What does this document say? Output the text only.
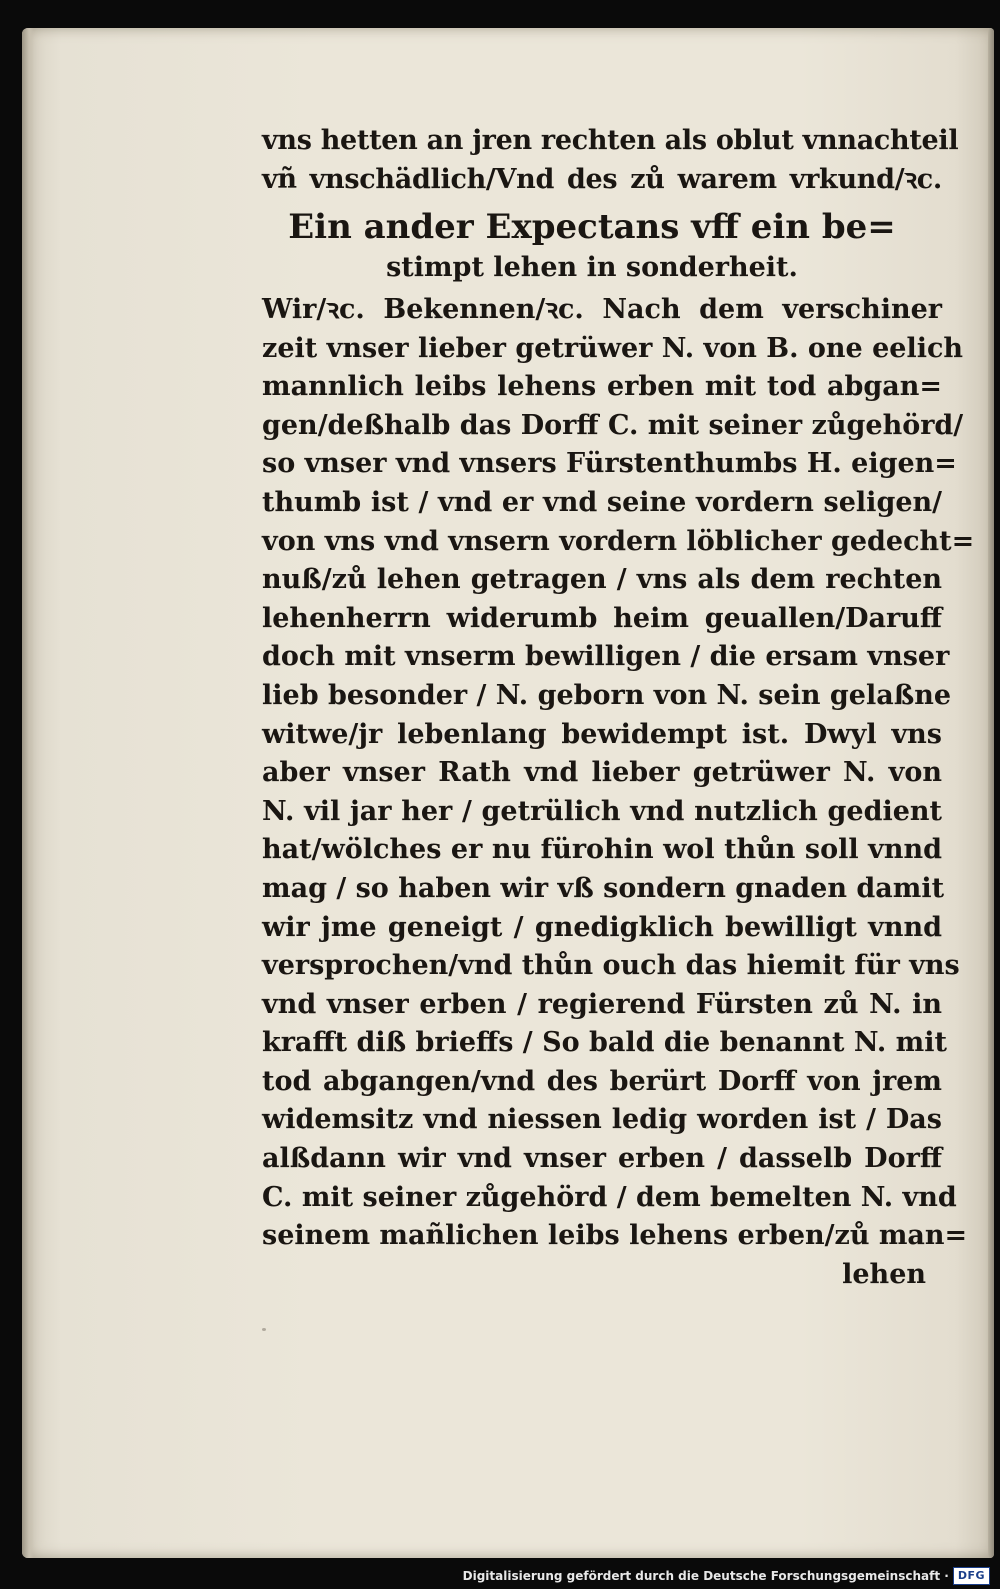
vns hetten an jren rechten als oblut vnnachteil
vñ vnschädlich/Vnd des zů warem vrkund/ꝛc.
Ein ander Expectans vff ein be=
stimpt lehen in sonderheit.
Wir/ꝛc. Bekennen/ꝛc. Nach dem verschiner
zeit vnser lieber getrüwer N. von B. one eelich
mannlich leibs lehens erben mit tod abgan=
gen/deßhalb das Dorff C. mit seiner zůgehörd/
so vnser vnd vnsers Fürstenthumbs H. eigen=
thumb ist / vnd er vnd seine vordern seligen/
von vns vnd vnsern vordern löblicher gedecht=
nuß/zů lehen getragen / vns als dem rechten
lehenherrn widerumb heim geuallen/Daruff
doch mit vnserm bewilligen / die ersam vnser
lieb besonder / N. geborn von N. sein gelaßne
witwe/jr lebenlang bewidempt ist. Dwyl vns
aber vnser Rath vnd lieber getrüwer N. von
N. vil jar her / getrülich vnd nutzlich gedient
hat/wölches er nu fürohin wol thůn soll vnnd
mag / so haben wir vß sondern gnaden damit
wir jme geneigt / gnedigklich bewilligt vnnd
versprochen/vnd thůn ouch das hiemit für vns
vnd vnser erben / regierend Fürsten zů N. in
krafft diß brieffs / So bald die benannt N. mit
tod abgangen/vnd des berürt Dorff von jrem
widemsitz vnd niessen ledig worden ist / Das
alßdann wir vnd vnser erben / dasselb Dorff
C. mit seiner zůgehörd / dem bemelten N. vnd
seinem mañlichen leibs lehens erben/zů man=
lehen
Digitalisierung gefördert durch die Deutsche Forschungsgemeinschaft · DFG
